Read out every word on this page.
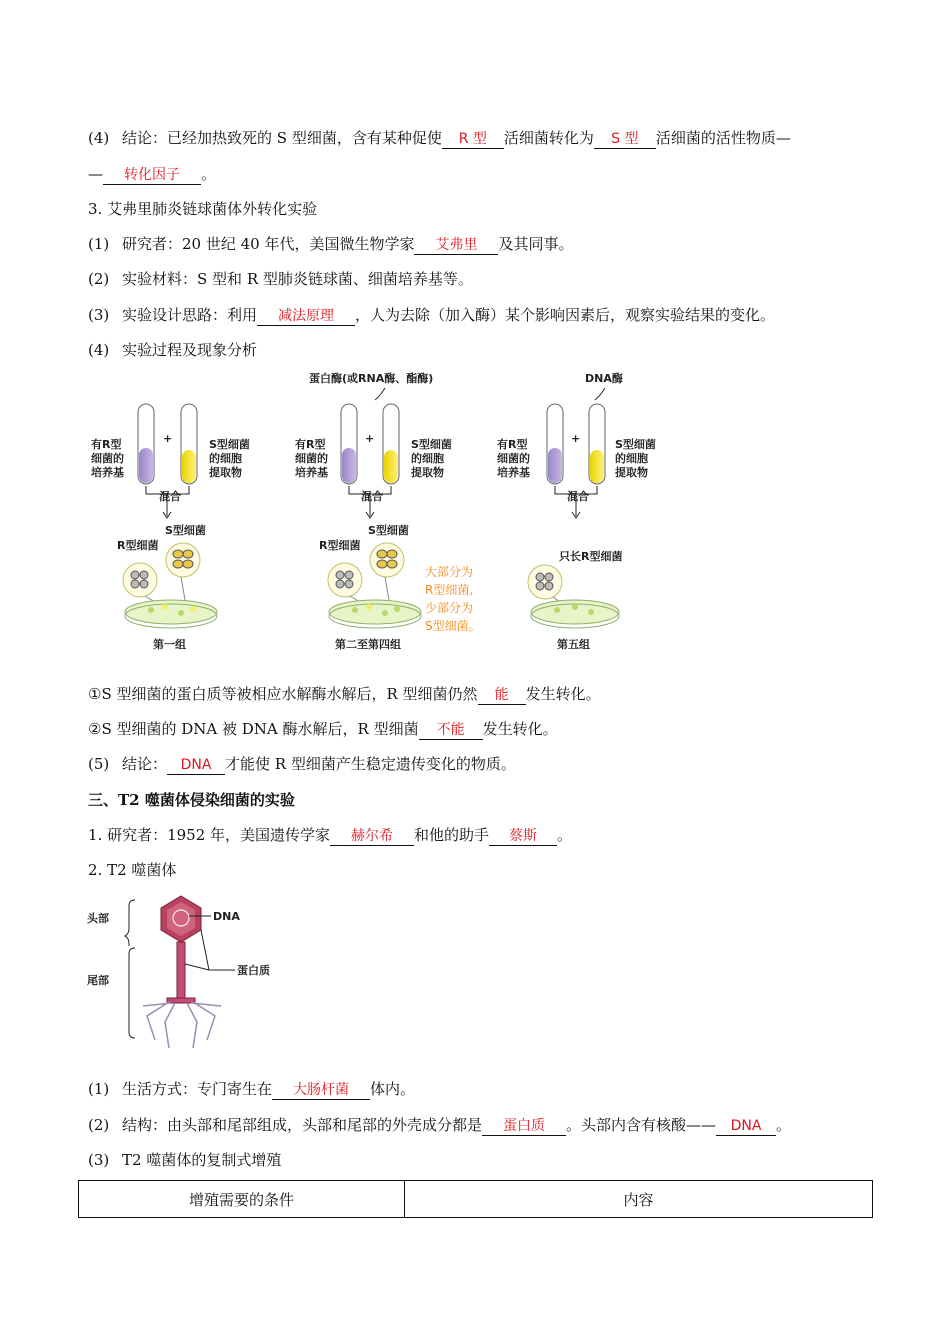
(4) 结论：已经加热致死的 S 型细菌，含有某种促使 R 型 活细菌转化为 S 型 活细菌的活性物质—
— 转化因子 。
3. 艾弗里肺炎链球菌体外转化实验
(1) 研究者：20 世纪 40 年代，美国微生物学家 艾弗里 及其同事。
(2) 实验材料：S 型和 R 型肺炎链球菌、细菌培养基等。
(3) 实验设计思路：利用 减法原理 ，人为去除（加入酶）某个影响因素后，观察实验结果的变化。
(4) 实验过程及现象分析
蛋白酶(或RNA酶、酯酶)	DNA酶
+
有R型
细菌的
培养基
S型细菌
的细胞
提取物
混合
S型细菌
R型细菌
第一组
+
有R型
细菌的
培养基
S型细菌
的细胞
提取物
混合
S型细菌
R型细菌
大部分为
R型细菌,
少部分为
S型细菌。
第二至第四组
+
有R型
细菌的
培养基
S型细菌
的细胞
提取物
混合
只长R型细菌
第五组
①S 型细菌的蛋白质等被相应水解酶水解后，R 型细菌仍然 能 发生转化。
②S 型细菌的 DNA 被 DNA 酶水解后，R 型细菌 不能 发生转化。
(5) 结论： DNA 才能使 R 型细菌产生稳定遗传变化的物质。
三、T2 噬菌体侵染细菌的实验
1. 研究者：1952 年，美国遗传学家 赫尔希 和他的助手 蔡斯 。
2. T2 噬菌体
头部
尾部
DNA
蛋白质
(1) 生活方式：专门寄生在 大肠杆菌 体内。
(2) 结构：由头部和尾部组成，头部和尾部的外壳成分都是 蛋白质 。头部内含有核酸—— DNA 。
(3) T2 噬菌体的复制式增殖
增殖需要的条件	内容
